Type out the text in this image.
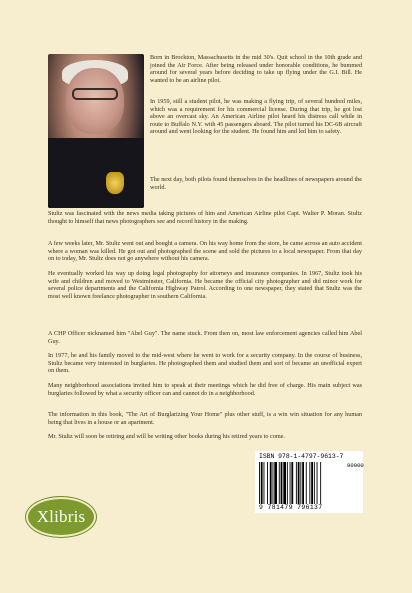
Born in Brockton, Massachusetts in the mid 30's. Quit school in the 10th grade and joined the Air Force. After being released under honorable conditions, he bummed around for several years before deciding to take up flying under the G.I. Bill. He wanted to be an airline pilot.

In 1959, still a student pilot, he was making a flying trip, of several hundred miles, which was a requirement for his commercial license. During that trip, he got lost above an overcast sky. An American Airline pilot heard his distress call while in route to Buffalo N.Y. with 45 passengers aboard. The pilot turned his DC-6B aircraft around and went looking for the student. He found him and led him to safety.

The next day, both pilots found themselves in the headlines of newspapers around the world.

Stultz was fascinated with the news media taking pictures of him and American Airline pilot Capt. Walter P. Moran. Stultz thought to himself that news photographers see and record history in the making.

A few weeks later, Mr. Stultz went out and bought a camera. On his way home from the store, he came across an auto accident where a woman was killed. He got out and photographed the scene and sold the pictures to a local newspaper. From that day on to today, Mr. Stultz does not go anywhere without his camera.

He eventually worked his way up doing legal photography for attorneys and insurance companies. In 1967, Stultz took his wife and children and moved to Westminster, California. He became the official city photographer and did minor work for several police departments and the California Highway Patrol. According to one newspaper, they stated that Stultz was the most well known freelance photographer in southern California.

A CHP Officer nicknamed him "Abel Guy". The name stuck. From then on, most law enforcement agencies called him Abel Guy.

In 1977, he and his family moved to the mid-west where he went to work for a security company. In the course of business, Stultz became very interested in burglaries. He photographed them and studied them and sort of became an unofficial expert on them.

Many neighborhood associations invited him to speak at their meetings which he did free of charge. His main subject was burglaries followed by what a security officer can and cannot do in a neighborhood.

The information in this book, "The Art of Burglarizing Your Home" plus other stuff, is a win win situation for any human being that lives in a house or an apartment.

Mr. Stultz will soon be retiring and will be writing other books during his retired years to come.

Xlibris
ISBN 978-1-4797-9613-7
90000
9 781479 796137
